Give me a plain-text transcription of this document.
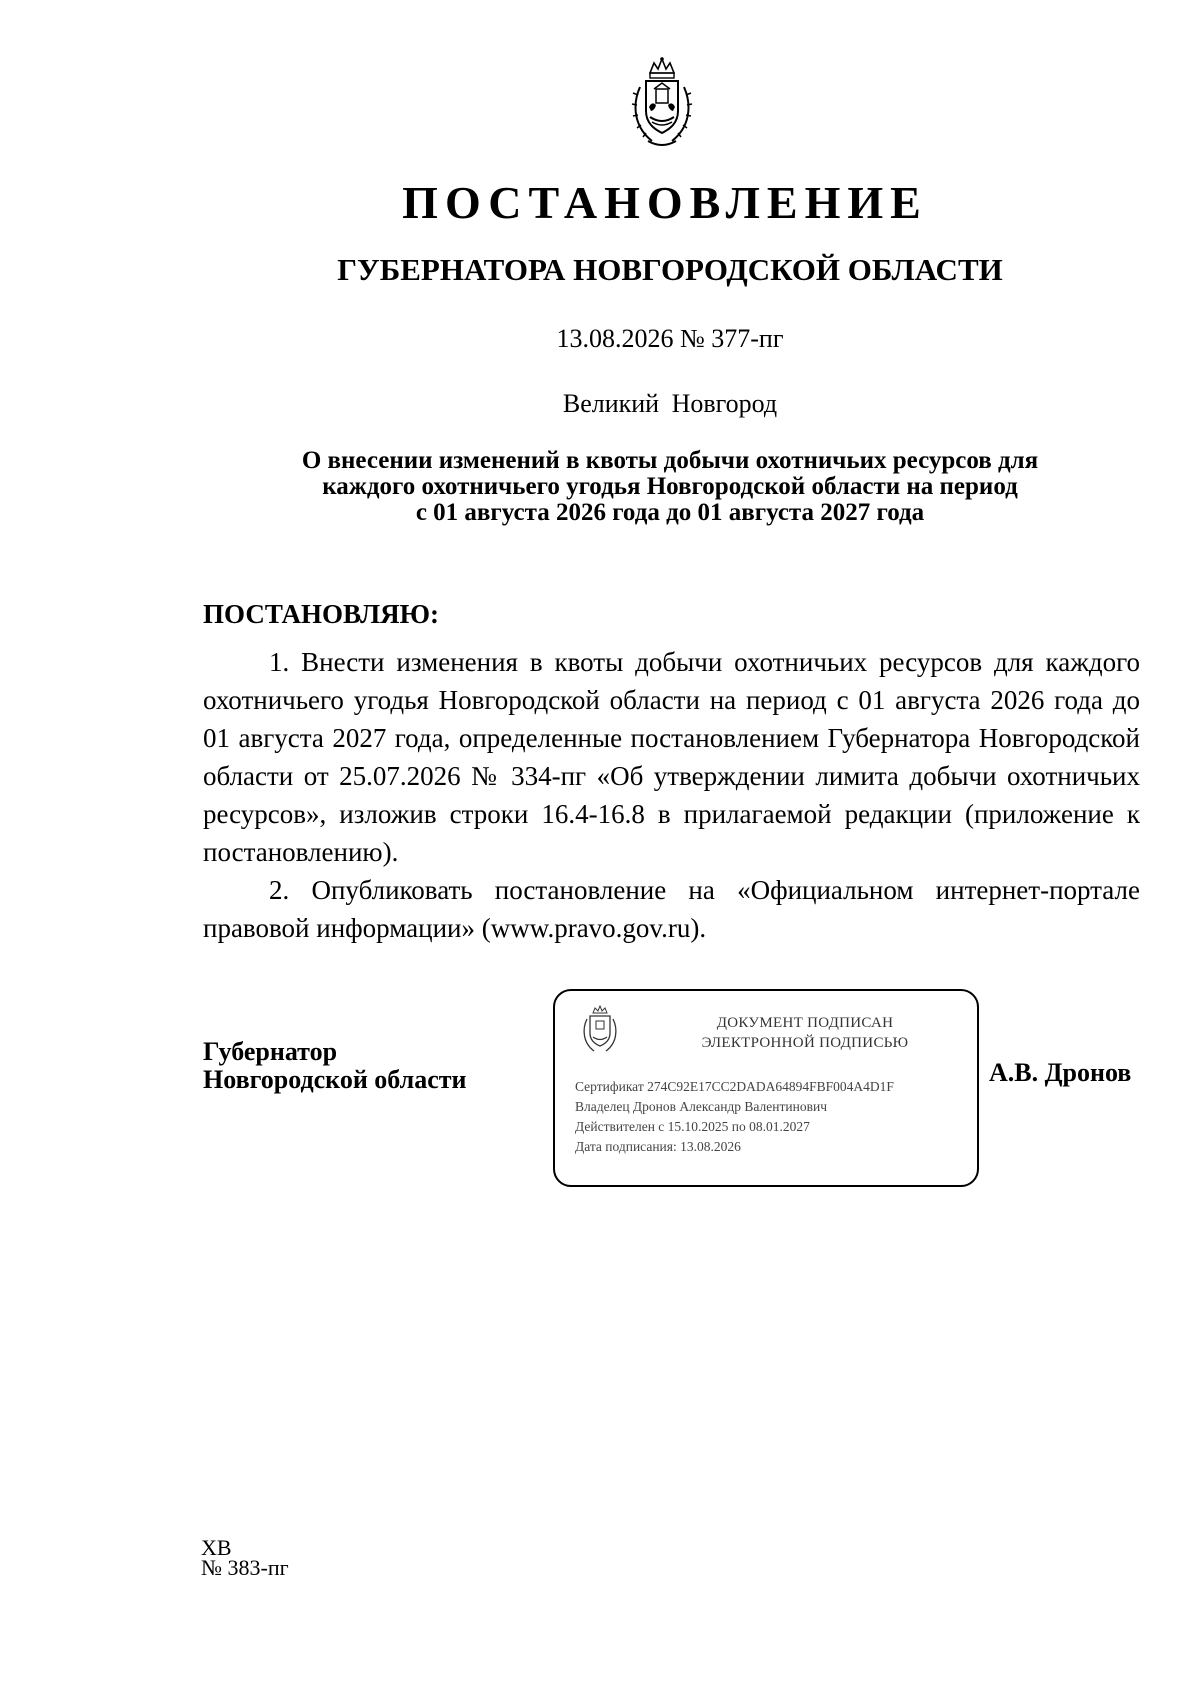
ПОСТАНОВЛЕНИЕ
ГУБЕРНАТОРА НОВГОРОДСКОЙ ОБЛАСТИ
13.08.2026 № 377-пг
Великий Новгород
О внесении изменений в квоты добычи охотничьих ресурсов для
каждого охотничьего угодья Новгородской области на период
с 01 августа 2026 года до 01 августа 2027 года
ПОСТАНОВЛЯЮ:

1. Внести изменения в квоты добычи охотничьих ресурсов для каждого охотничьего угодья Новгородской области на период с 01 августа 2026 года до 01 августа 2027 года, определенные постановлением Губернатора Новгородской области от 25.07.2026 № 334-пг «Об утверждении лимита добычи охотничьих ресурсов», изложив строки 16.4-16.8 в прилагаемой редакции (приложение к постановлению).

2. Опубликовать постановление на «Официальном интернет-портале правовой информации» (www.pravo.gov.ru).

Губернатор
Новгородской области
ДОКУМЕНТ ПОДПИСАН
ЭЛЕКТРОННОЙ ПОДПИСЬЮ
Сертификат 274C92E17CC2DADA64894FBF004A4D1F
Владелец Дронов Александр Валентинович
Действителен с 15.10.2025 по 08.01.2027
Дата подписания: 13.08.2026
А.В. Дронов
ХВ
№ 383-пг
